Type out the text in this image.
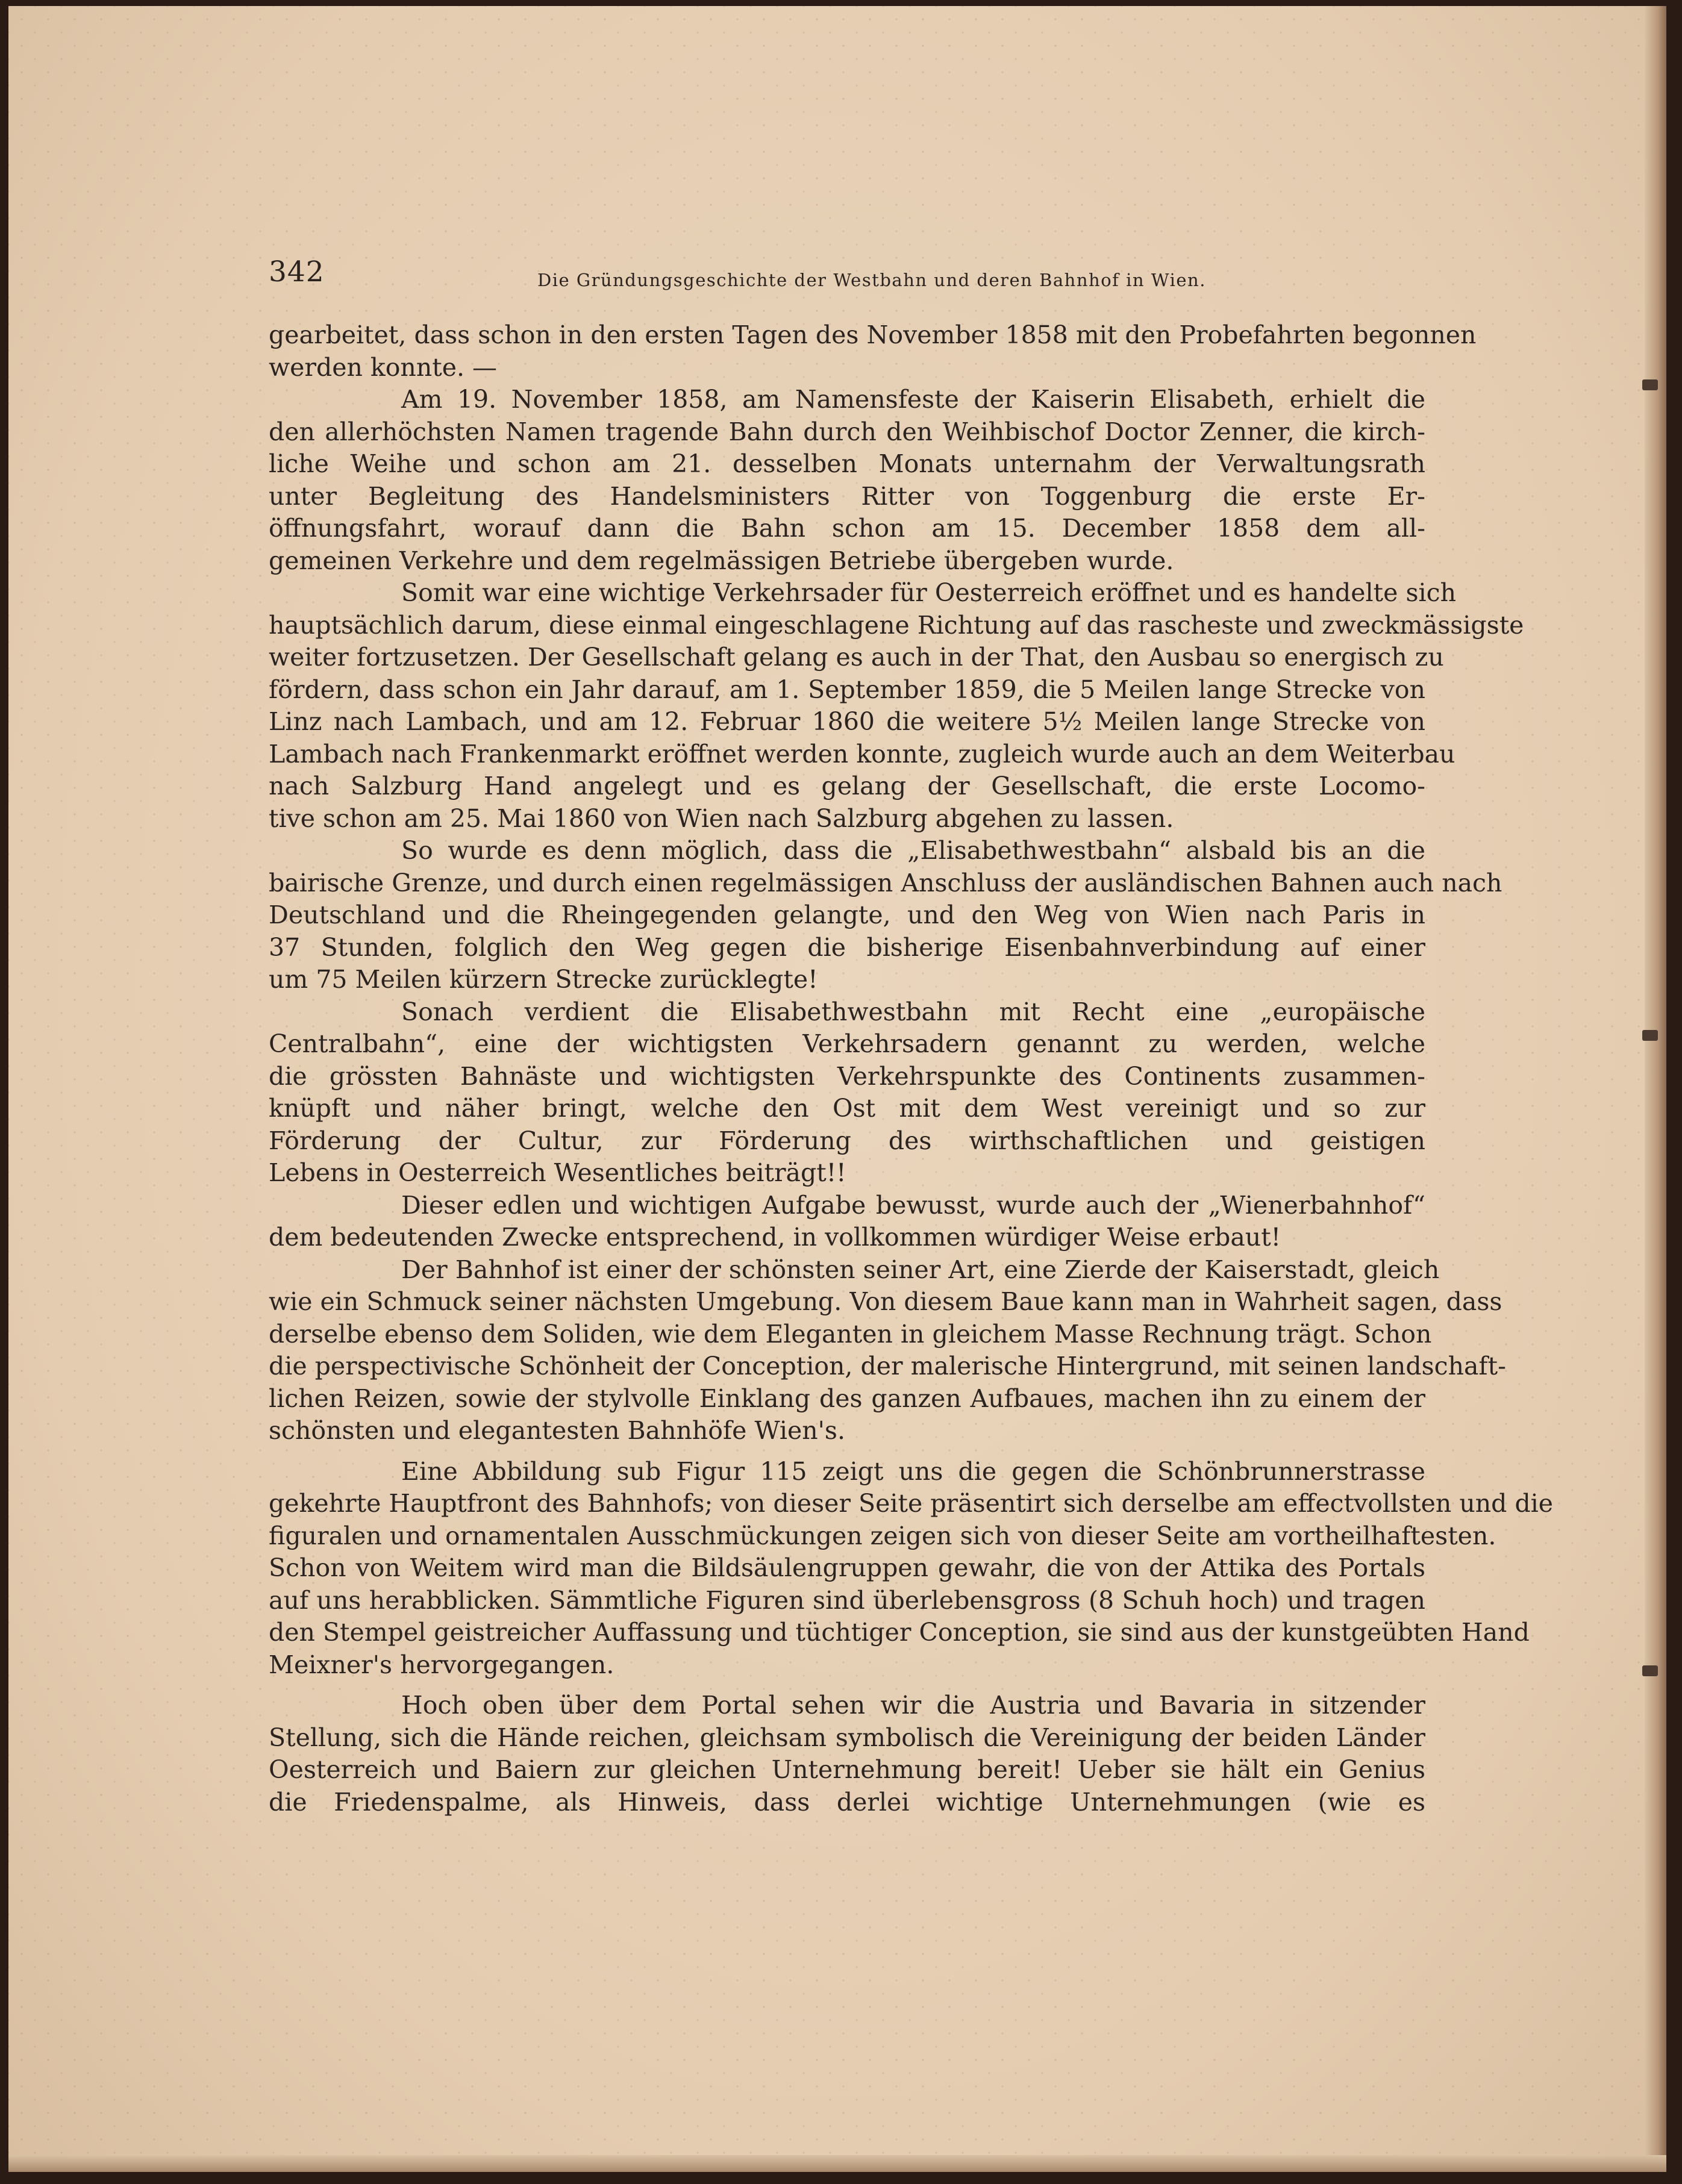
342	Die Gründungsgeschichte der Westbahn und deren Bahnhof in Wien.
gearbeitet, dass schon in den ersten Tagen des November 1858 mit den Probefahrten begonnen
werden konnte. —
Am 19. November 1858, am Namensfeste der Kaiserin Elisabeth, erhielt die
den allerhöchsten Namen tragende Bahn durch den Weihbischof Doctor Zenner, die kirch-
liche Weihe und schon am 21. desselben Monats unternahm der Verwaltungsrath
unter Begleitung des Handelsministers Ritter von Toggenburg die erste Er-
öffnungsfahrt, worauf dann die Bahn schon am 15. December 1858 dem all-
gemeinen Verkehre und dem regelmässigen Betriebe übergeben wurde.
Somit war eine wichtige Verkehrsader für Oesterreich eröffnet und es handelte sich
hauptsächlich darum, diese einmal eingeschlagene Richtung auf das rascheste und zweckmässigste
weiter fortzusetzen. Der Gesellschaft gelang es auch in der That, den Ausbau so energisch zu
fördern, dass schon ein Jahr darauf, am 1. September 1859, die 5 Meilen lange Strecke von
Linz nach Lambach, und am 12. Februar 1860 die weitere 5½ Meilen lange Strecke von
Lambach nach Frankenmarkt eröffnet werden konnte, zugleich wurde auch an dem Weiterbau
nach Salzburg Hand angelegt und es gelang der Gesellschaft, die erste Locomo-
tive schon am 25. Mai 1860 von Wien nach Salzburg abgehen zu lassen.
So wurde es denn möglich, dass die „Elisabethwestbahn“ alsbald bis an die
bairische Grenze, und durch einen regelmässigen Anschluss der ausländischen Bahnen auch nach
Deutschland und die Rheingegenden gelangte, und den Weg von Wien nach Paris in
37 Stunden, folglich den Weg gegen die bisherige Eisenbahnverbindung auf einer
um 75 Meilen kürzern Strecke zurücklegte!
Sonach verdient die Elisabethwestbahn mit Recht eine „europäische
Centralbahn“, eine der wichtigsten Verkehrsadern genannt zu werden, welche
die grössten Bahnäste und wichtigsten Verkehrspunkte des Continents zusammen-
knüpft und näher bringt, welche den Ost mit dem West vereinigt und so zur
Förderung der Cultur, zur Förderung des wirthschaftlichen und geistigen
Lebens in Oesterreich Wesentliches beiträgt!!
Dieser edlen und wichtigen Aufgabe bewusst, wurde auch der „Wienerbahnhof“
dem bedeutenden Zwecke entsprechend, in vollkommen würdiger Weise erbaut!
Der Bahnhof ist einer der schönsten seiner Art, eine Zierde der Kaiserstadt, gleich
wie ein Schmuck seiner nächsten Umgebung. Von diesem Baue kann man in Wahrheit sagen, dass
derselbe ebenso dem Soliden, wie dem Eleganten in gleichem Masse Rechnung trägt. Schon
die perspectivische Schönheit der Conception, der malerische Hintergrund, mit seinen landschaft-
lichen Reizen, sowie der stylvolle Einklang des ganzen Aufbaues, machen ihn zu einem der
schönsten und elegantesten Bahnhöfe Wien's.
Eine Abbildung sub Figur 115 zeigt uns die gegen die Schönbrunnerstrasse
gekehrte Hauptfront des Bahnhofs; von dieser Seite präsentirt sich derselbe am effectvollsten und die
figuralen und ornamentalen Ausschmückungen zeigen sich von dieser Seite am vortheilhaftesten.
Schon von Weitem wird man die Bildsäulengruppen gewahr, die von der Attika des Portals
auf uns herabblicken. Sämmtliche Figuren sind überlebensgross (8 Schuh hoch) und tragen
den Stempel geistreicher Auffassung und tüchtiger Conception, sie sind aus der kunstgeübten Hand
Meixner's hervorgegangen.
Hoch oben über dem Portal sehen wir die Austria und Bavaria in sitzender
Stellung, sich die Hände reichen, gleichsam symbolisch die Vereinigung der beiden Länder
Oesterreich und Baiern zur gleichen Unternehmung bereit! Ueber sie hält ein Genius
die Friedenspalme, als Hinweis, dass derlei wichtige Unternehmungen (wie es
